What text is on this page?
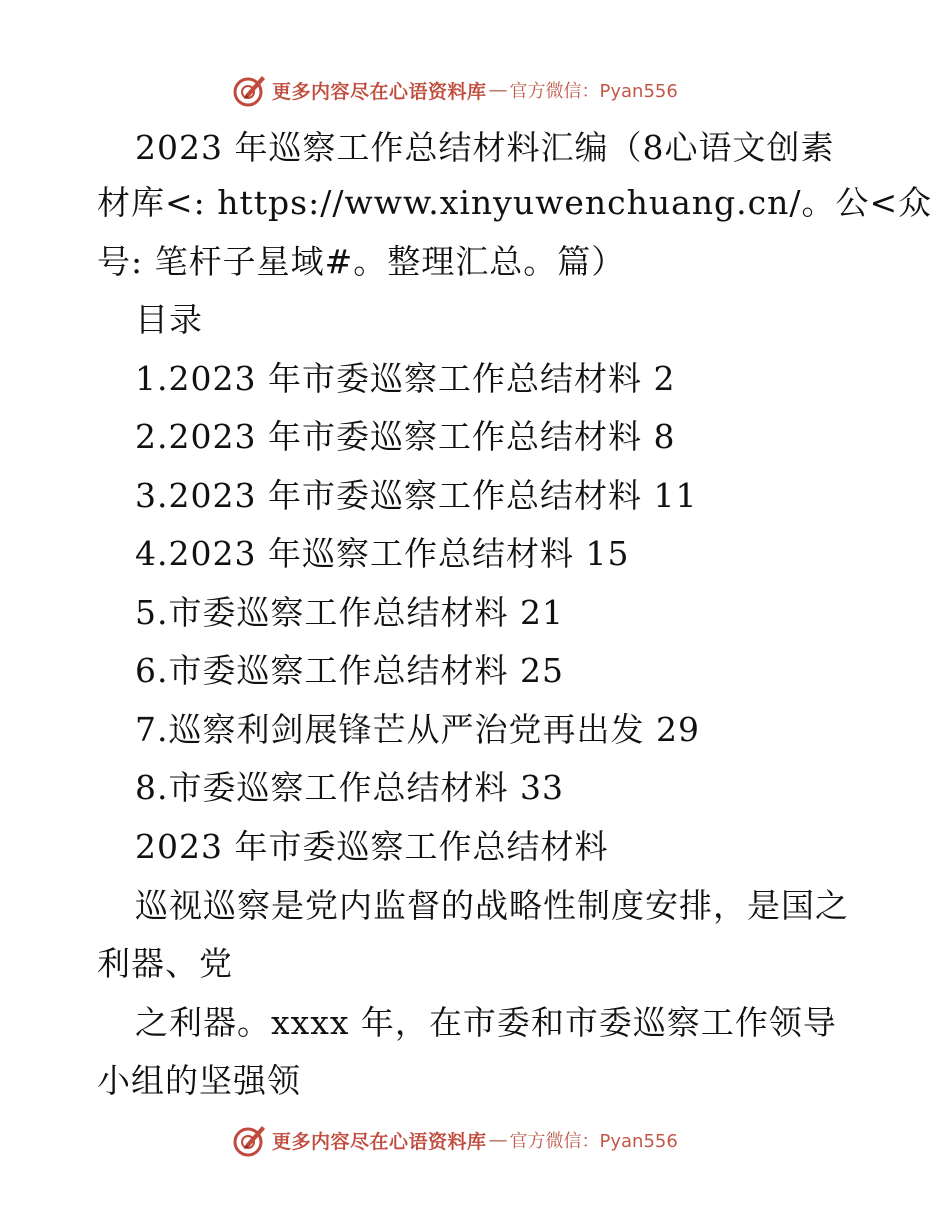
更多内容尽在心语资料库 — 官方微信：Pyan556
2023 年巡察工作总结材料汇编（8心语文创素
材库<: https://www.xinyuwenchuang.cn/。公<众
号: 笔杆子星域#。整理汇总。篇）
目录
1.2023 年市委巡察工作总结材料 2
2.2023 年市委巡察工作总结材料 8
3.2023 年市委巡察工作总结材料 11
4.2023 年巡察工作总结材料 15
5.市委巡察工作总结材料 21
6.市委巡察工作总结材料 25
7.巡察利剑展锋芒从严治党再出发 29
8.市委巡察工作总结材料 33
2023 年市委巡察工作总结材料
巡视巡察是党内监督的战略性制度安排，是国之
利器、党
之利器。xxxx 年，在市委和市委巡察工作领导
小组的坚强领
更多内容尽在心语资料库 — 官方微信：Pyan556
